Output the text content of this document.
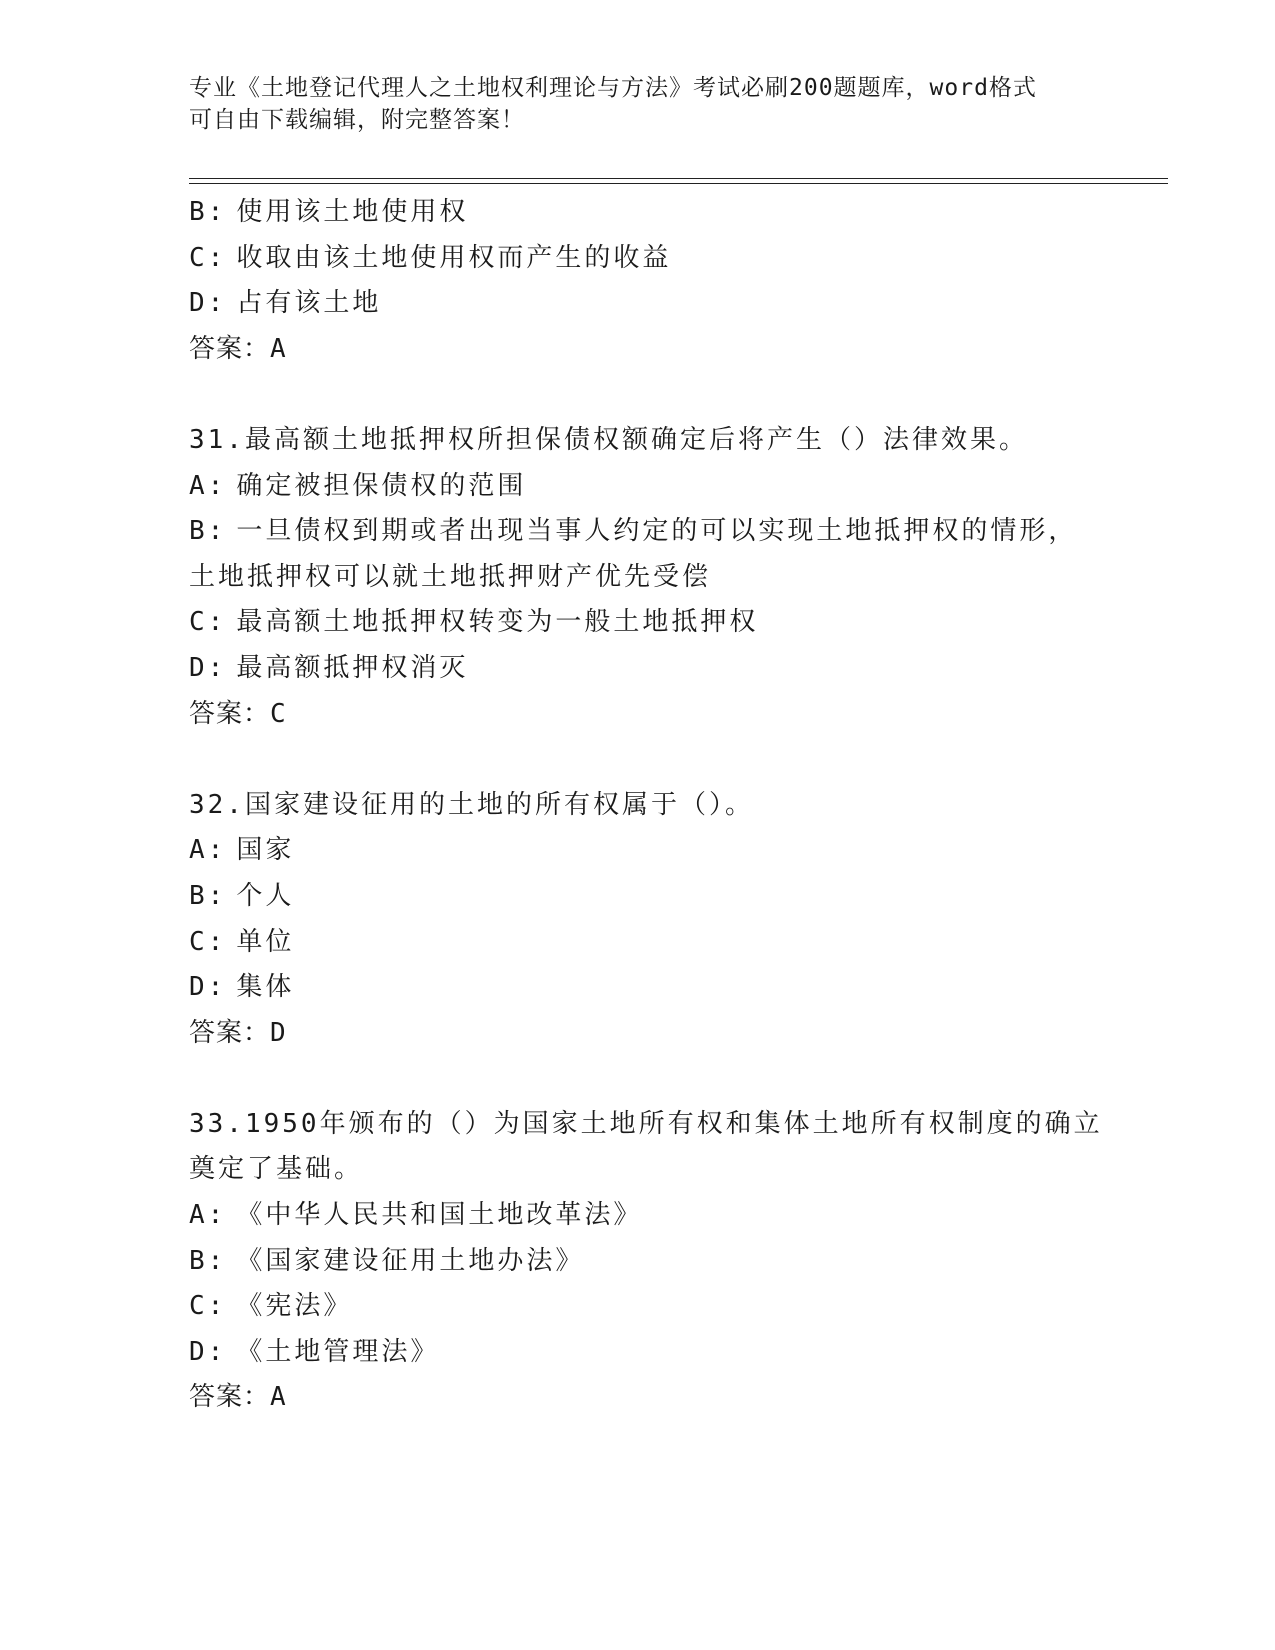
专业《土地登记代理人之土地权利理论与方法》考试必刷200题题库，word格式
可自由下载编辑，附完整答案！
B: 使用该土地使用权
C: 收取由该土地使用权而产生的收益
D: 占有该土地
答案：A
31.最高额土地抵押权所担保债权额确定后将产生（）法律效果。
A: 确定被担保债权的范围
B: 一旦债权到期或者出现当事人约定的可以实现土地抵押权的情形，
土地抵押权可以就土地抵押财产优先受偿
C: 最高额土地抵押权转变为一般土地抵押权
D: 最高额抵押权消灭
答案：C
32.国家建设征用的土地的所有权属于（）。
A: 国家
B: 个人
C: 单位
D: 集体
答案：D
33.1950年颁布的（）为国家土地所有权和集体土地所有权制度的确立
奠定了基础。
A: 《中华人民共和国土地改革法》
B: 《国家建设征用土地办法》
C: 《宪法》
D: 《土地管理法》
答案：A
